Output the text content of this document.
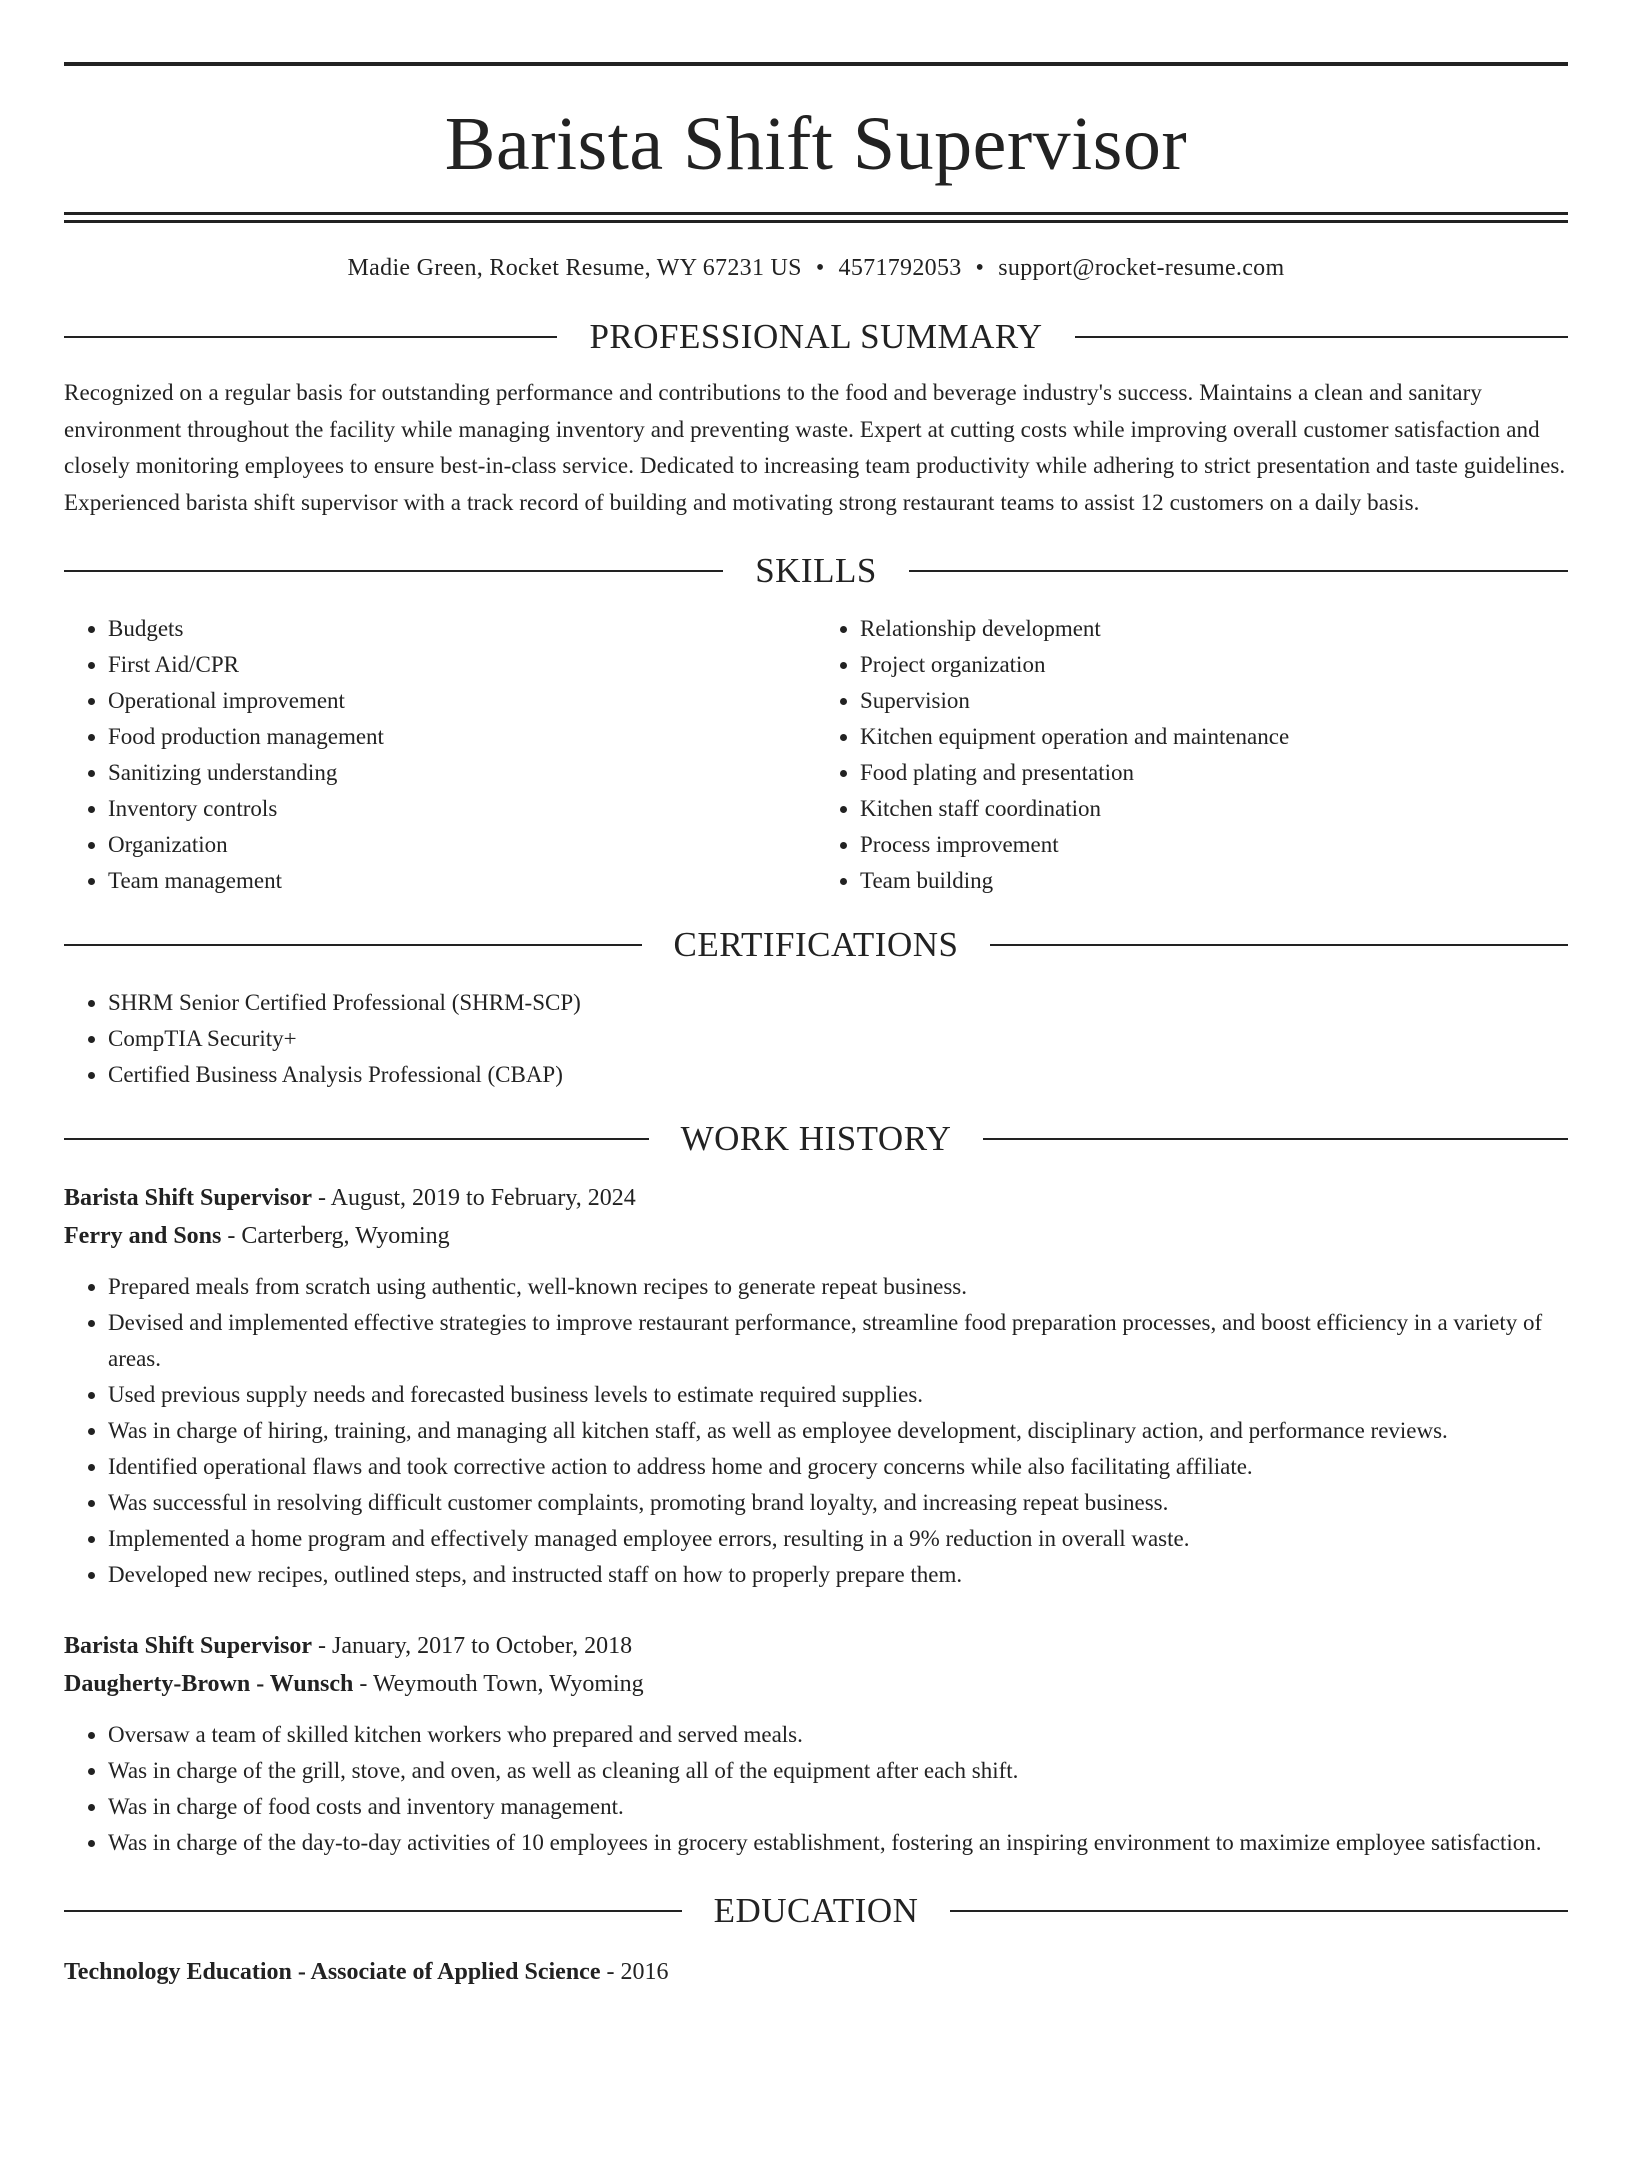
Barista Shift Supervisor
Madie Green, Rocket Resume, WY 67231 US • 4571792053 • support@rocket-resume.com
PROFESSIONAL SUMMARY

Recognized on a regular basis for outstanding performance and contributions to the food and beverage industry's success. Maintains a clean and sanitary environment throughout the facility while managing inventory and preventing waste. Expert at cutting costs while improving overall customer satisfaction and closely monitoring employees to ensure best-in-class service. Dedicated to increasing team productivity while adhering to strict presentation and taste guidelines. Experienced barista shift supervisor with a track record of building and motivating strong restaurant teams to assist 12 customers on a daily basis.

SKILLS
• Budgets
• First Aid/CPR
• Operational improvement
• Food production management
• Sanitizing understanding
• Inventory controls
• Organization
• Team management
• Relationship development
• Project organization
• Supervision
• Kitchen equipment operation and maintenance
• Food plating and presentation
• Kitchen staff coordination
• Process improvement
• Team building
CERTIFICATIONS
• SHRM Senior Certified Professional (SHRM-SCP)
• CompTIA Security+
• Certified Business Analysis Professional (CBAP)
WORK HISTORY
Barista Shift Supervisor - August, 2019 to February, 2024
Ferry and Sons - Carterberg, Wyoming
• Prepared meals from scratch using authentic, well-known recipes to generate repeat business.
• Devised and implemented effective strategies to improve restaurant performance, streamline food preparation processes, and boost efficiency in a variety of areas.
• Used previous supply needs and forecasted business levels to estimate required supplies.
• Was in charge of hiring, training, and managing all kitchen staff, as well as employee development, disciplinary action, and performance reviews.
• Identified operational flaws and took corrective action to address home and grocery concerns while also facilitating affiliate.
• Was successful in resolving difficult customer complaints, promoting brand loyalty, and increasing repeat business.
• Implemented a home program and effectively managed employee errors, resulting in a 9% reduction in overall waste.
• Developed new recipes, outlined steps, and instructed staff on how to properly prepare them.
Barista Shift Supervisor - January, 2017 to October, 2018
Daugherty-Brown - Wunsch - Weymouth Town, Wyoming
• Oversaw a team of skilled kitchen workers who prepared and served meals.
• Was in charge of the grill, stove, and oven, as well as cleaning all of the equipment after each shift.
• Was in charge of food costs and inventory management.
• Was in charge of the day-to-day activities of 10 employees in grocery establishment, fostering an inspiring environment to maximize employee satisfaction.
EDUCATION
Technology Education - Associate of Applied Science - 2016
